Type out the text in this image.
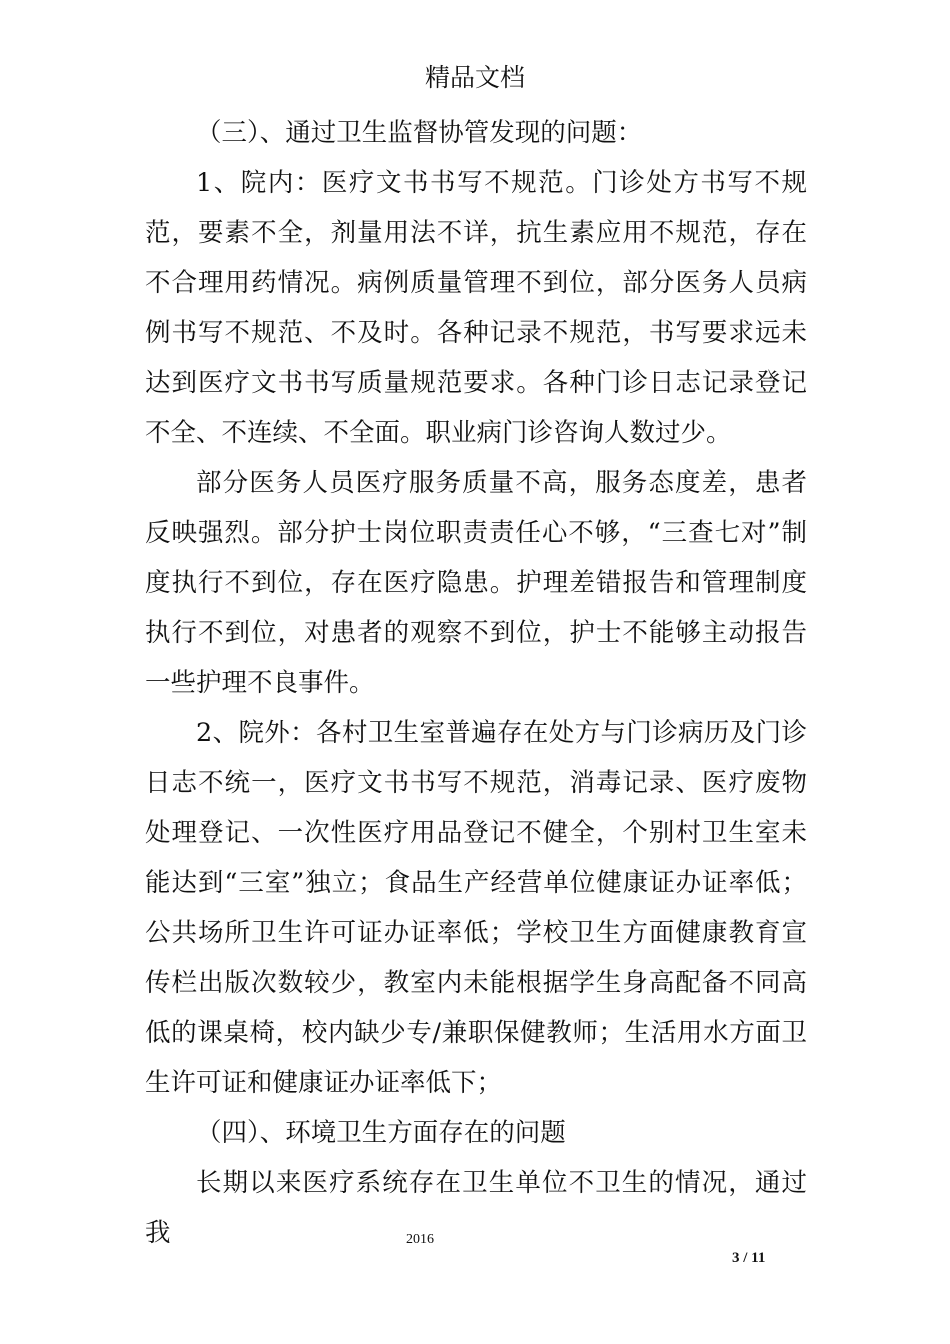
精品文档

（三）、通过卫生监督协管发现的问题：

1、院内：医疗文书书写不规范。门诊处方书写不规范，要素不全，剂量用法不详，抗生素应用不规范，存在不合理用药情况。病例质量管理不到位，部分医务人员病例书写不规范、不及时。各种记录不规范，书写要求远未达到医疗文书书写质量规范要求。各种门诊日志记录登记不全、不连续、不全面。职业病门诊咨询人数过少。

部分医务人员医疗服务质量不高，服务态度差，患者反映强烈。部分护士岗位职责责任心不够，“三查七对”制度执行不到位，存在医疗隐患。护理差错报告和管理制度执行不到位，对患者的观察不到位，护士不能够主动报告一些护理不良事件。

2、院外：各村卫生室普遍存在处方与门诊病历及门诊日志不统一，医疗文书书写不规范，消毒记录、医疗废物处理登记、一次性医疗用品登记不健全，个别村卫生室未能达到“三室”独立；食品生产经营单位健康证办证率低；公共场所卫生许可证办证率低；学校卫生方面健康教育宣传栏出版次数较少，教室内未能根据学生身高配备不同高低的课桌椅，校内缺少专/兼职保健教师；生活用水方面卫生许可证和健康证办证率低下；

（四）、环境卫生方面存在的问题

长期以来医疗系统存在卫生单位不卫生的情况，通过我	2016
3 / 11
